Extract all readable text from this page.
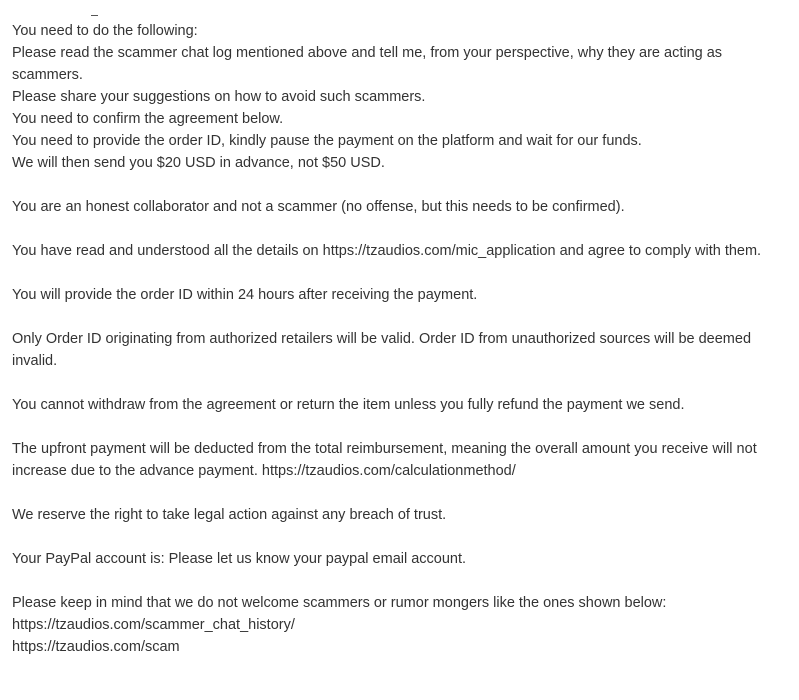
You need to do the following:
Please read the scammer chat log mentioned above and tell me, from your perspective, why they are acting as scammers.
Please share your suggestions on how to avoid such scammers.
You need to confirm the agreement below.
You need to provide the order ID, kindly pause the payment on the platform and wait for our funds.
We will then send you $20 USD in advance, not $50 USD.
You are an honest collaborator and not a scammer (no offense, but this needs to be confirmed).
You have read and understood all the details on https://tzaudios.com/mic_application and agree to comply with them.
You will provide the order ID within 24 hours after receiving the payment.
Only Order ID originating from authorized retailers will be valid. Order ID from unauthorized sources will be deemed invalid.
You cannot withdraw from the agreement or return the item unless you fully refund the payment we send.
The upfront payment will be deducted from the total reimbursement, meaning the overall amount you receive will not increase due to the advance payment. https://tzaudios.com/calculationmethod/
We reserve the right to take legal action against any breach of trust.
Your PayPal account is: Please let us know your paypal email account.
Please keep in mind that we do not welcome scammers or rumor mongers like the ones shown below:
https://tzaudios.com/scammer_chat_history/
https://tzaudios.com/scam
